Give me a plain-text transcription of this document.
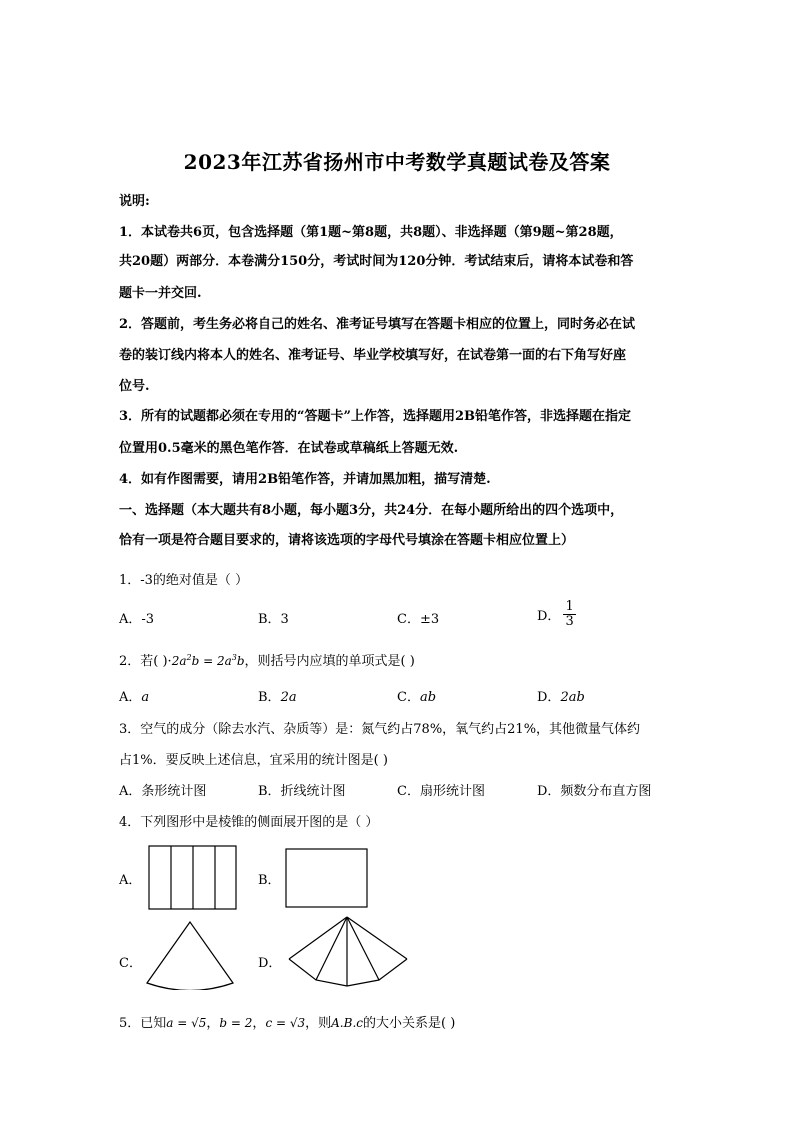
2023年江苏省扬州市中考数学真题试卷及答案
说明:
1．本试卷共6页，包含选择题（第1题~第8题，共8题）、非选择题（第9题~第28题，
共20题）两部分．本卷满分150分，考试时间为120分钟．考试结束后，请将本试卷和答
题卡一并交回.
2．答题前，考生务必将自己的姓名、准考证号填写在答题卡相应的位置上，同时务必在试
卷的装订线内将本人的姓名、准考证号、毕业学校填写好，在试卷第一面的右下角写好座
位号.
3．所有的试题都必须在专用的“答题卡”上作答，选择题用2B铅笔作答，非选择题在指定
位置用0.5毫米的黑色笔作答．在试卷或草稿纸上答题无效.
4．如有作图需要，请用2B铅笔作答，并请加黑加粗，描写清楚.
一、选择题（本大题共有8小题，每小题3分，共24分．在每小题所给出的四个选项中，
恰有一项是符合题目要求的，请将该选项的字母代号填涂在答题卡相应位置上）
1．-3的绝对值是（ ）
A．-3	B．3	C．±3	D． $\frac{1}{3}$
2．若( )$\cdot 2a^2b = 2a^3b$，则括号内应填的单项式是( )
A．a	B．2a	C．ab	D．2ab
3．空气的成分（除去水汽、杂质等）是：氮气约占78%，氧气约占21%，其他微量气体约
占1%．要反映上述信息，宜采用的统计图是( )
A．条形统计图	B．折线统计图	C．扇形统计图	D．频数分布直方图
4．下列图形中是棱锥的侧面展开图的是（ ）
A．	B．
C．	D．
5．已知a = √5，b = 2，c = √3，则A.B.c的大小关系是( )
